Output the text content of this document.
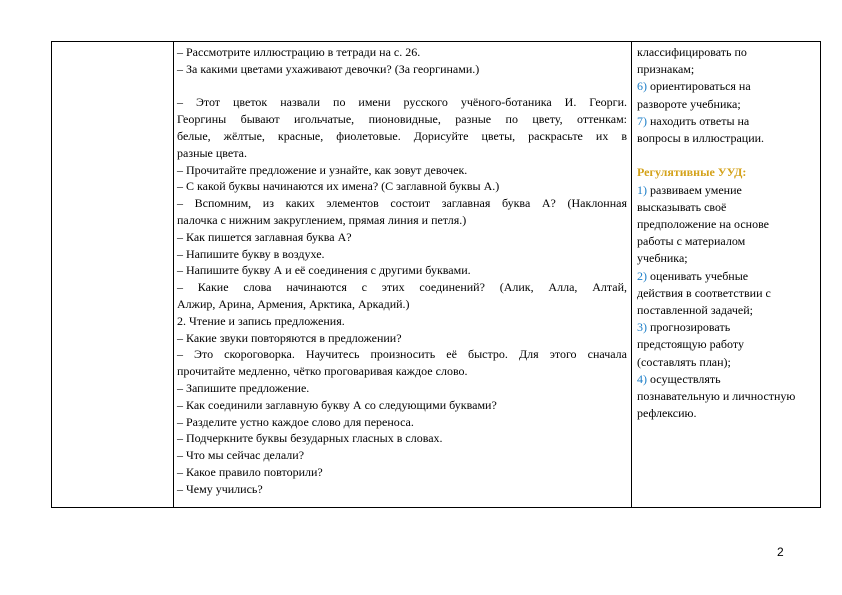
– Рассмотрите иллюстрацию в тетради на с. 26.
– За какими цветами ухаживают девочки? (За георгинами.)
– Этот цветок назвали по имени русского учёного-ботаника И. Георги.
Георгины бывают игольчатые, пионовидные, разные по цвету, оттенкам:
белые, жёлтые, красные, фиолетовые. Дорисуйте цветы, раскрасьте их в
разные цвета.
– Прочитайте предложение и узнайте, как зовут девочек.
– С какой буквы начинаются их имена? (С заглавной буквы А.)
– Вспомним, из каких элементов состоит заглавная буква А? (Наклонная
палочка с нижним закруглением, прямая линия и петля.)
– Как пишется заглавная буква А?
– Напишите букву в воздухе.
– Напишите букву А и её соединения с другими буквами.
– Какие слова начинаются с этих соединений? (Алик, Алла, Алтай,
Алжир, Арина, Армения, Арктика, Аркадий.)
2. Чтение и запись предложения.
– Какие звуки повторяются в предложении?
– Это скороговорка. Научитесь произносить её быстро. Для этого сначала
прочитайте медленно, чётко проговаривая каждое слово.
– Запишите предложение.
– Как соединили заглавную букву А со следующими буквами?
– Разделите устно каждое слово для переноса.
– Подчеркните буквы безударных гласных в словах.
– Что мы сейчас делали?
– Какое правило повторили?
– Чему учились?
классифицировать по
признакам;
6) ориентироваться на
развороте учебника;
7) находить ответы на
вопросы в иллюстрации.
Регулятивные УУД:
1) развиваем умение
высказывать своё
предположение на основе
работы с материалом
учебника;
2) оценивать учебные
действия в соответствии с
поставленной задачей;
3) прогнозировать
предстоящую работу
(составлять план);
4) осуществлять
познавательную и личностную
рефлексию.
2
